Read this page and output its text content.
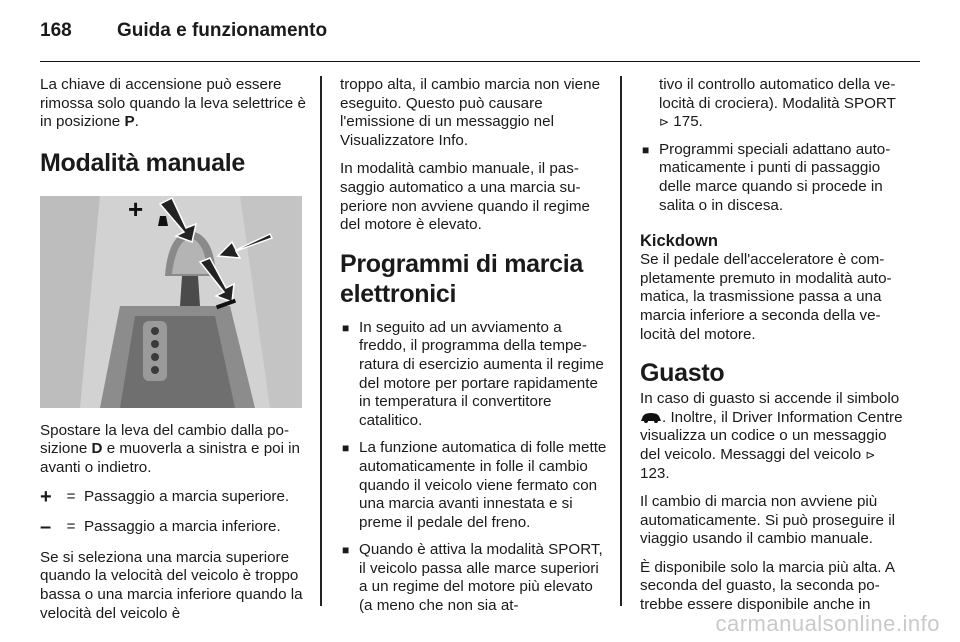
168 Guida e funzionamento

La chiave di accensione può essere rimossa solo quando la leva selettrice è in posizione P.

Modalità manuale
+

Spostare la leva del cambio dalla posizione D e muoverla a sinistra e poi in avanti o indietro.

+ = Passaggio a marcia superiore.
–	= Passaggio a marcia inferiore.

Se si seleziona una marcia superiore quando la velocità del veicolo è troppo bassa o una marcia inferiore quando la velocità del veicolo è

troppo alta, il cambio marcia non viene eseguito. Questo può causare l'emissione di un messaggio nel Visualizzatore Info.

In modalità cambio manuale, il passaggio automatico a una marcia superiore non avviene quando il regime del motore è elevato.

Programmi di marcia elettronici
■ In seguito ad un avviamento a freddo, il programma della temperatura di esercizio aumenta il regime del motore per portare rapidamente in temperatura il convertitore catalitico.
■ La funzione automatica di folle mette automaticamente in folle il cambio quando il veicolo viene fermato con una marcia avanti innestata e si preme il pedale del freno.
■ Quando è attiva la modalità SPORT, il veicolo passa alle marce superiori a un regime del motore più elevato (a meno che non sia at-
tivo il controllo automatico della velocità di crociera). Modalità SPORT ⊳ 175.
■ Programmi speciali adattano automaticamente i punti di passaggio delle marce quando si procede in salita o in discesa.
Kickdown

Se il pedale dell'acceleratore è completamente premuto in modalità automatica, la trasmissione passa a una marcia inferiore a seconda della velocità del motore.

Guasto

In caso di guasto si accende il simbolo . Inoltre, il Driver Information Centre visualizza un codice o un messaggio del veicolo. Messaggi del veicolo ⊳ 123.

Il cambio di marcia non avviene più automaticamente. Si può proseguire il viaggio usando il cambio manuale.

È disponibile solo la marcia più alta. A seconda del guasto, la seconda potrebbe essere disponibile anche in

carmanualsonline.info
